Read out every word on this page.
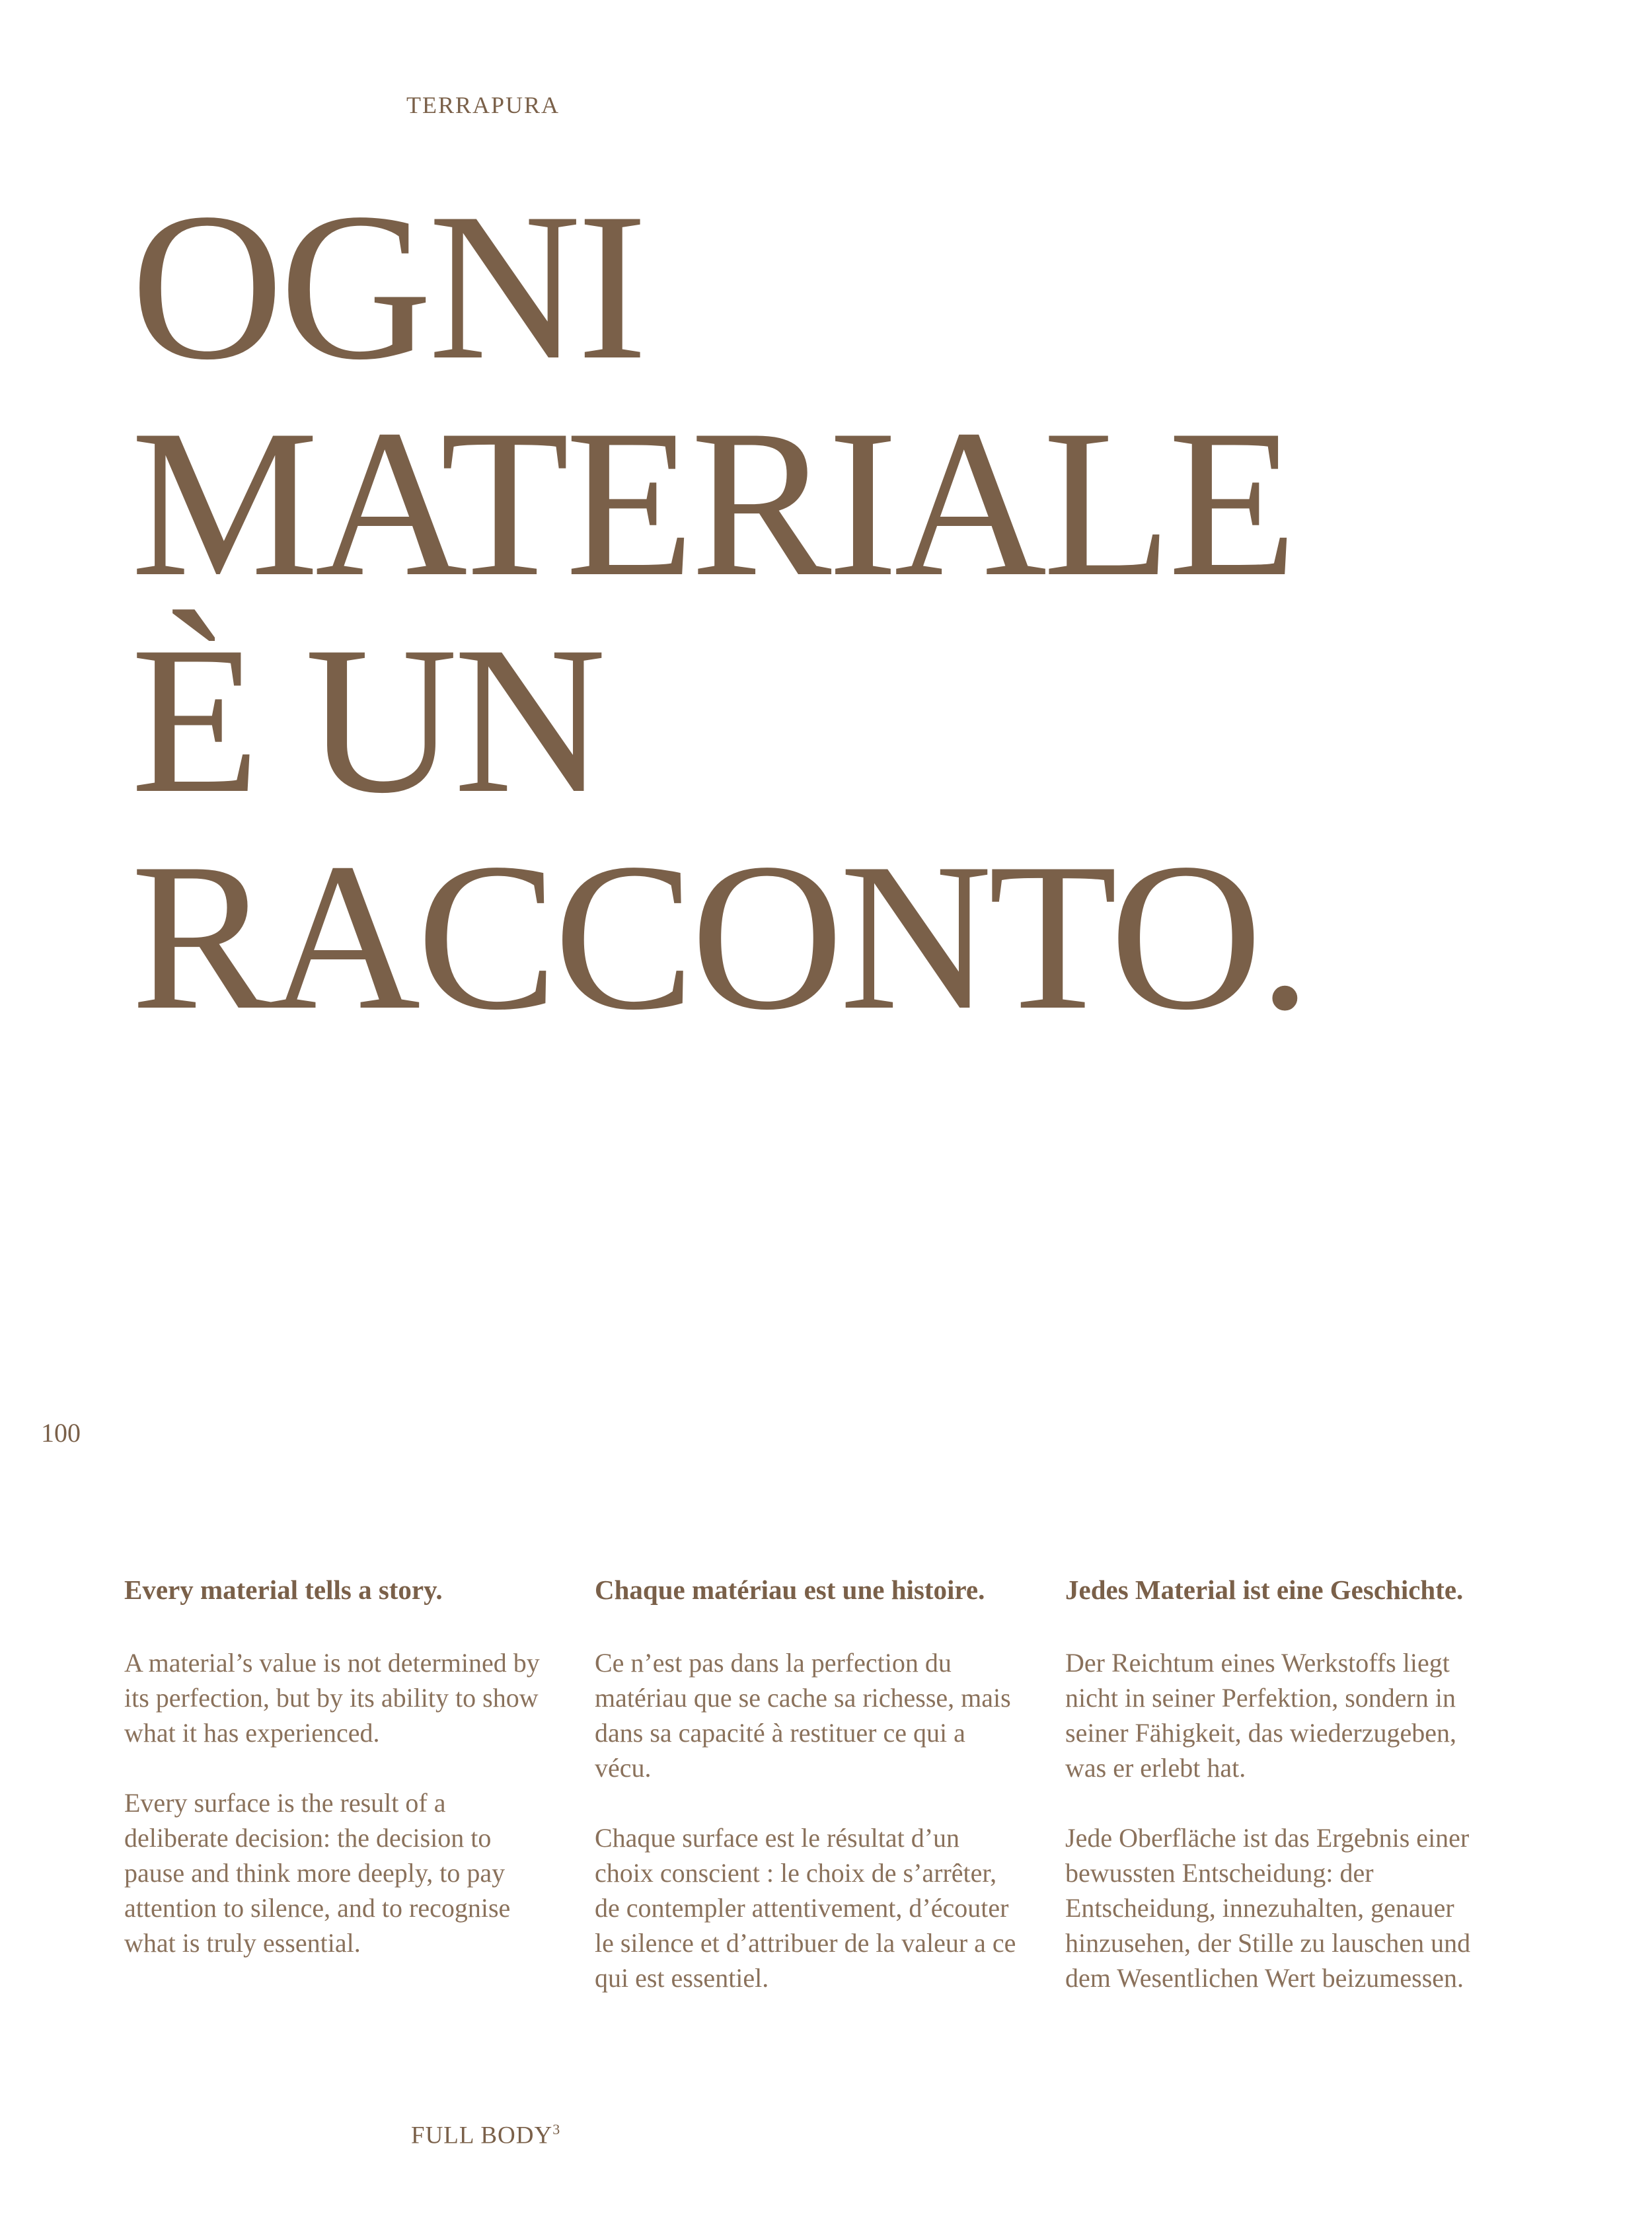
TERRAPURA
OGNI
MATERIALE
È UN
RACCONTO.
100
Every material tells a story.

A material’s value is not determined by its perfection, but by its ability to show what it has experienced.

Every surface is the result of a deliberate decision: the decision to pause and think more deeply, to pay attention to silence, and to recognise what is truly essential.

Chaque matériau est une histoire.

Ce n’est pas dans la perfection du matériau que se cache sa richesse, mais dans sa capacité à restituer ce qui a vécu.

Chaque surface est le résultat d’un choix conscient : le choix de s’arrêter, de contempler attentivement, d’écouter le silence et d’attribuer de la valeur a ce qui est essentiel.

Jedes Material ist eine Geschichte.

Der Reichtum eines Werkstoffs liegt nicht in seiner Perfektion, sondern in seiner Fähigkeit, das wiederzugeben, was er erlebt hat.

Jede Oberfläche ist das Ergebnis einer bewussten Entscheidung: der Entscheidung, innezuhalten, genauer hinzusehen, der Stille zu lauschen und dem Wesentlichen Wert beizumessen.

FULL BODY$^3$
